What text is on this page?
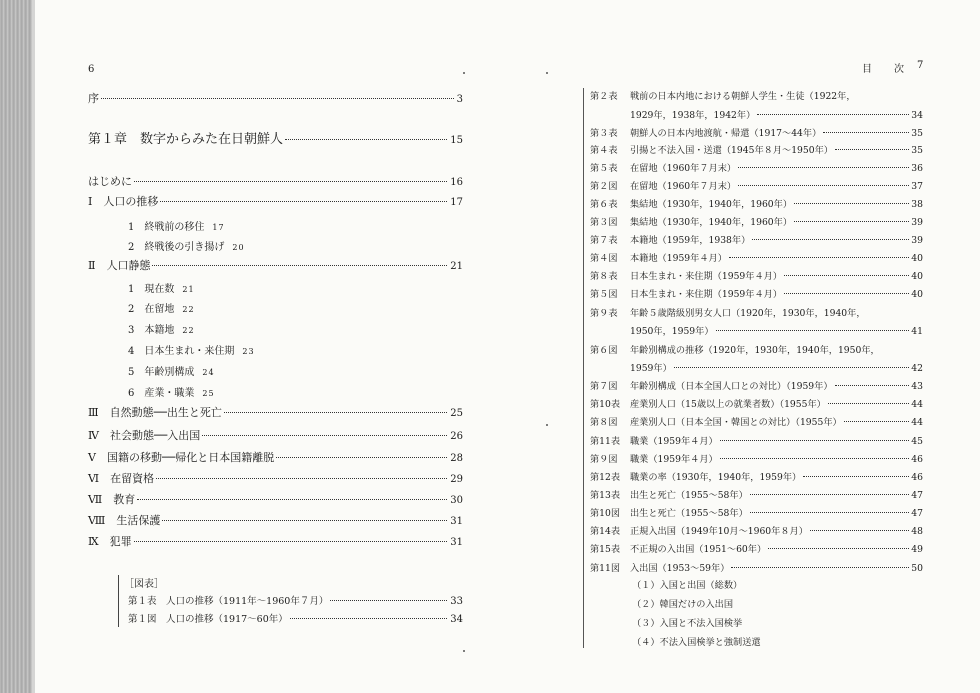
6
序	3
第１章　数字からみた在日朝鮮人	15
はじめに	16
Ⅰ　人口の推移	17
1　終戦前の移住 17
2　終戦後の引き揚げ 20
Ⅱ　人口静態	21
1　現在数 21
2　在留地 22
3　本籍地 22
4　日本生まれ・来住期 23
5　年齢別構成 24
6　産業・職業 25
Ⅲ　自然動態──出生と死亡	25
Ⅳ　社会動態──入出国	26
Ⅴ　国籍の移動──帰化と日本国籍離脱	28
Ⅵ　在留資格	29
Ⅶ　教育	30
Ⅷ　生活保護	31
Ⅸ　犯罪	31
［図表］
第１表　人口の推移（1911年～1960年７月）	33
第１図　人口の推移（1917～60年）	34
目　次 7
第２表	戦前の日本内地における朝鮮人学生・生徒（1922年，
1929年，1938年，1942年）	34
第３表	朝鮮人の日本内地渡航・帰還（1917～44年）	35
第４表	引揚と不法入国・送還（1945年８月～1950年）	35
第５表	在留地（1960年７月末）	36
第２図	在留地（1960年７月末）	37
第６表	集結地（1930年，1940年，1960年）	38
第３図	集結地（1930年，1940年，1960年）	39
第７表	本籍地（1959年，1938年）	39
第４図	本籍地（1959年４月）	40
第８表	日本生まれ・来住期（1959年４月）	40
第５図	日本生まれ・来住期（1959年４月）	40
第９表	年齢５歳階級別男女人口（1920年，1930年，1940年，
1950年，1959年）	41
第６図	年齢別構成の推移（1920年，1930年，1940年，1950年，
1959年）	42
第７図	年齢別構成（日本全国人口との対比）（1959年）	43
第10表	産業別人口（15歳以上の就業者数）（1955年）	44
第８図	産業別人口（日本全国・韓国との対比）（1955年）	44
第11表	職業（1959年４月）	45
第９図	職業（1959年４月）	46
第12表	職業の率（1930年，1940年，1959年）	46
第13表	出生と死亡（1955～58年）	47
第10図	出生と死亡（1955～58年）	47
第14表	正規入出国（1949年10月～1960年８月）	48
第15表	不正規の入出国（1951～60年）	49
第11図	入出国（1953～59年）	50
（１）入国と出国（総数）
（２）韓国だけの入出国
（３）入国と不法入国検挙
（４）不法入国検挙と強制送還
